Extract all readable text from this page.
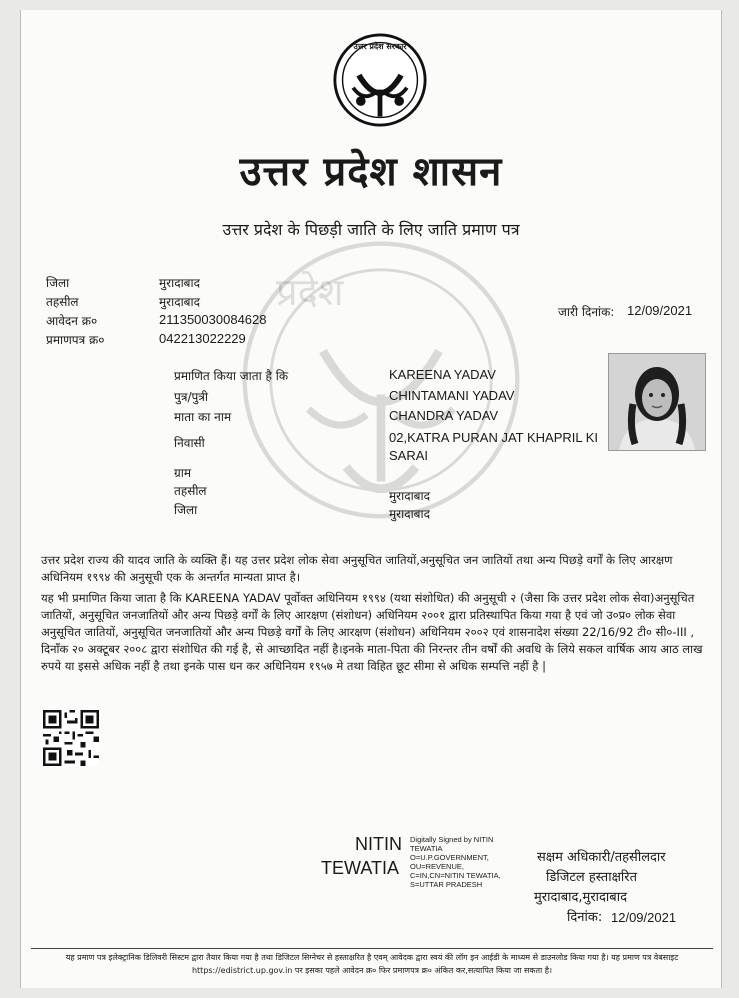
प्रदेश
उत्तर प्रदेश सरकार
उत्तर प्रदेश शासन
उत्तर प्रदेश के पिछड़ी जाति के लिए जाति प्रमाण पत्र
जिला	मुरादाबाद
तहसील	मुरादाबाद
आवेदन क्र०	211350030084628
प्रमाणपत्र क्र०	042213022229
जारी दिनांक: 12/09/2021
प्रमाणित किया जाता है कि	KAREENA YADAV
पुत्र/पुत्री	CHINTAMANI YADAV
माता का नाम	CHANDRA YADAV
निवासी	02,KATRA PURAN JAT KHAPRIL KI
SARAI
ग्राम
तहसील	मुरादाबाद
जिला	मुरादाबाद
उत्तर प्रदेश राज्य की यादव जाति के व्यक्ति हैं। यह उत्तर प्रदेश लोक सेवा अनुसूचित जातियों,अनुसूचित जन जातियों तथा अन्य पिछड़े वर्गों के लिए आरक्षण अधिनियम १९९४ की अनुसूची एक के अन्तर्गत मान्यता प्राप्त है।
यह भी प्रमाणित किया जाता है कि KAREENA YADAV पूर्वोक्त अधिनियम १९९४ (यथा संशोधित) की अनुसूची २ (जैसा कि उत्तर प्रदेश लोक सेवा)अनुसूचित जातियों, अनुसूचित जनजातियों और अन्य पिछड़े वर्गों के लिए आरक्षण (संशोधन) अधिनियम २००१ द्वारा प्रतिस्थापित किया गया है एवं जो उ०प्र० लोक सेवा अनुसूचित जातियों, अनुसूचित जनजातियों और अन्य पिछड़े वर्गों के लिए आरक्षण (संशोधन) अधिनियम २००२ एवं शासनादेश संख्या 22/16/92 टी० सी०-III , दिनाँक २० अक्टूबर २००८ द्वारा संशोधित की गई है, से आच्छादित नहीं है।इनके माता-पिता की निरन्तर तीन वर्षों की अवधि के लिये सकल वार्षिक आय आठ लाख रुपये या इससे अधिक नहीं है तथा इनके पास धन कर अधिनियम १९५७ मे तथा विहित छूट सीमा से अधिक सम्पत्ति नहीं है |
NITIN
TEWATIA
Digitally Signed by NITIN
TEWATIA
O=U.P.GOVERNMENT,
OU=REVENUE,
C=IN,CN=NITIN TEWATIA,
S=UTTAR PRADESH
सक्षम अधिकारी/तहसीलदार
डिजिटल हस्ताक्षरित
मुरादाबाद,मुरादाबाद
दिनांक: 12/09/2021
यह प्रमाण पत्र इलेक्ट्रानिक डिलिवरी सिस्टम द्वारा तैयार किया गया है तथा डिजिटल सिग्नेचर से हस्ताक्षरित है एवम् आवेदक द्वारा स्वयं की लॉग इन आईडी के माध्यम से डाउनलोड किया गया है। यह प्रमाण पत्र वेबसाइट https://edistrict.up.gov.in पर इसका पहले आवेदन क्र० फिर प्रमाणपत्र क्र० अंकित कर,सत्यापित किया जा सकता है।
